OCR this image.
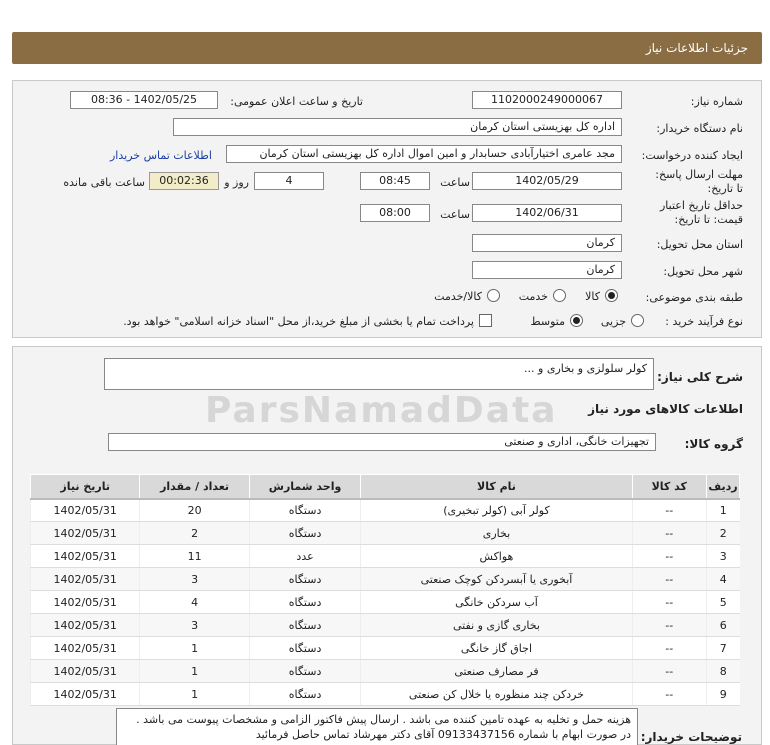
جزئیات اطلاعات نیاز
شماره نیاز:
1102000249000067
تاریخ و ساعت اعلان عمومی:
1402/05/25 - 08:36
نام دستگاه خریدار:
اداره کل بهزیستی استان کرمان
ایجاد کننده درخواست:
مجد عامری اختیارآبادی حسابدار و امین اموال اداره کل بهزیستی استان کرمان
اطلاعات تماس خریدار
مهلت ارسال پاسخ: تا تاریخ:
1402/05/29
ساعت
08:45
4
روز و
00:02:36
ساعت باقی مانده
حداقل تاریخ اعتبار قیمت: تا تاریخ:
1402/06/31
ساعت
08:00
استان محل تحویل:
کرمان
شهر محل تحویل:
کرمان
طبقه بندی موضوعی:
کالا
خدمت
کالا/خدمت
نوع فرآیند خرید :
جزیی
متوسط
پرداخت تمام یا بخشی از مبلغ خرید،از محل "اسناد خزانه اسلامی" خواهد بود.
ParsNamadData
شرح کلی نیاز:
کولر سلولزی و بخاری و ...
اطلاعات کالاهای مورد نیاز
گروه کالا:
تجهیزات خانگی، اداری و صنعتی
ردیف	کد کالا	نام کالا	واحد شمارش	تعداد / مقدار	تاریخ نیاز
1	--	کولر آبی (کولر تبخیری)	دستگاه	20	1402/05/31
2	--	بخاری	دستگاه	2	1402/05/31
3	--	هواکش	عدد	11	1402/05/31
4	--	آبخوری یا آبسردکن کوچک صنعتی	دستگاه	3	1402/05/31
5	--	آب سردکن خانگی	دستگاه	4	1402/05/31
6	--	بخاری گازی و نفتی	دستگاه	3	1402/05/31
7	--	اجاق گاز خانگی	دستگاه	1	1402/05/31
8	--	فر مصارف صنعتی	دستگاه	1	1402/05/31
9	--	خردکن چند منظوره یا خلال کن صنعتی	دستگاه	1	1402/05/31
توضیحات خریدار:
هزینه حمل و تخلیه به عهده تامین کننده می باشد . ارسال پیش فاکتور الزامی و مشخصات پیوست می باشد . در صورت ابهام با شماره 09133437156 آقای دکتر مهرشاد تماس حاصل فرمائید
